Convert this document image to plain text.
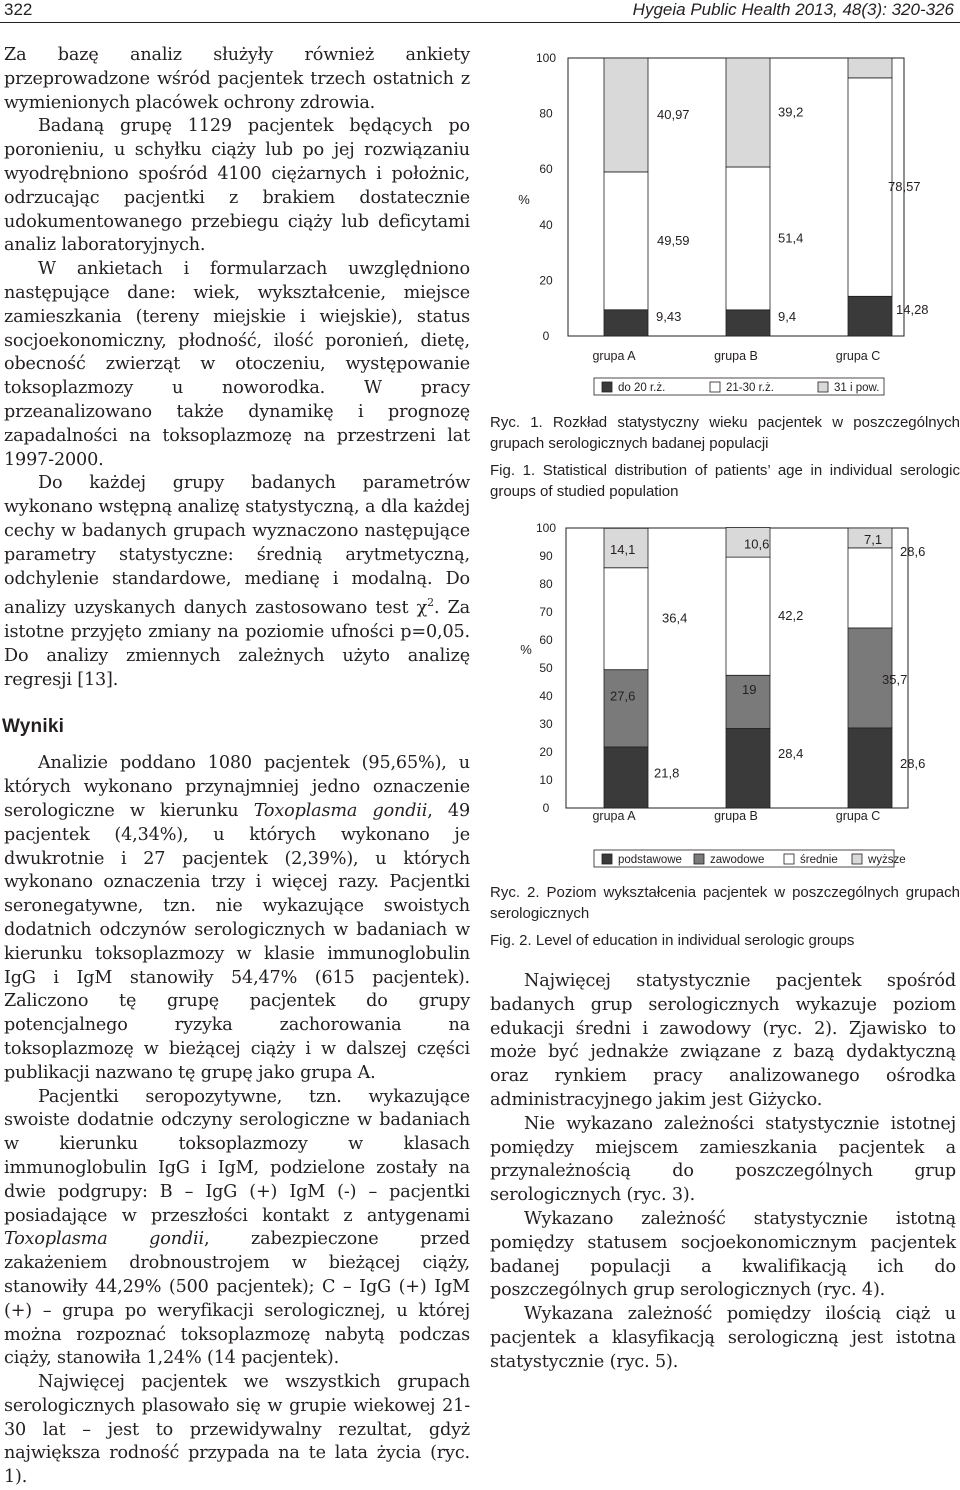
322	Hygeia Public Health 2013, 48(3): 320-326

Za bazę analiz służyły również ankiety przeprowadzone wśród pacjentek trzech ostatnich z wymienionych placówek ochrony zdrowia.

Badaną grupę 1129 pacjentek będących po poronieniu, u schyłku ciąży lub po jej rozwiązaniu wyodrębniono spośród 4100 ciężarnych i położnic, odrzucając pacjentki z brakiem dostatecznie udokumentowanego przebiegu ciąży lub deficytami analiz laboratoryjnych.

W ankietach i formularzach uwzględniono następujące dane: wiek, wykształcenie, miejsce zamieszkania (tereny miejskie i wiejskie), status socjoekonomiczny, płodność, ilość poronień, dietę, obecność zwierząt w otoczeniu, występowanie toksoplazmozy u noworodka. W pracy przeanalizowano także dynamikę i prognozę zapadalności na toksoplazmozę na przestrzeni lat 1997-2000.

Do każdej grupy badanych parametrów wykonano wstępną analizę statystyczną, a dla każdej cechy w badanych grupach wyznaczono następujące parametry statystyczne: średnią arytmetyczną, odchylenie standardowe, medianę i modalną. Do analizy uzyskanych danych zastosowano test $\chi^2$. Za istotne przyjęto zmiany na poziomie ufności p=0,05. Do analizy zmiennych zależnych użyto analizę regresji [13].

Wyniki

Analizie poddano 1080 pacjentek (95,65%), u których wykonano przynajmniej jedno oznaczenie serologiczne w kierunku Toxoplasma gondii, 49 pacjentek (4,34%), u których wykonano je dwukrotnie i 27 pacjentek (2,39%), u których wykonano oznaczenia trzy i więcej razy. Pacjentki seronegatywne, tzn. nie wykazujące swoistych dodatnich odczynów serologicznych w badaniach w kierunku toksoplazmozy w klasie immunoglobulin IgG i IgM stanowiły 54,47% (615 pacjentek). Zaliczono tę grupę pacjentek do grupy potencjalnego ryzyka zachorowania na toksoplazmozę w bieżącej ciąży i w dalszej części publikacji nazwano tę grupę jako grupa A.

Pacjentki seropozytywne, tzn. wykazujące swoiste dodatnie odczyny serologiczne w badaniach w kierunku toksoplazmozy w klasach immunoglobulin IgG i IgM, podzielone zostały na dwie podgrupy: B – IgG (+) IgM (-) – pacjentki posiadające w przeszłości kontakt z antygenami Toxoplasma gondii, zabezpieczone przed zakażeniem drobnoustrojem w bieżącej ciąży, stanowiły 44,29% (500 pacjentek); C – IgG (+) IgM (+) – grupa po weryfikacji serologicznej, u której można rozpoznać toksoplazmozę nabytą podczas ciąży, stanowiła 1,24% (14 pacjentek).

Najwięcej pacjentek we wszystkich grupach serologicznych plasowało się w grupie wiekowej 21-30 lat – jest to przewidywalny rezultat, gdyż największa rodność przypada na te lata życia (ryc. 1).

0
20
40
60
80
100
%
9,43
49,59
40,97
grupa A
9,4
51,4
39,2
grupa B
14,28
78,57
grupa C
do 20 r.ż.	21-30 r.ż.	31 i pow.
Ryc. 1. Rozkład statystyczny wieku pacjentek w poszczególnych grupach serologicznych badanej populacji
Fig. 1. Statistical distribution of patients’ age in individual serologic groups of studied population
0
10
20
30
40
50
60
70
80
90
100
%
21,8
27,6
36,4
14,1
grupa A
28,4
19
42,2
10,6
grupa B
28,6
35,7
28,6
7,1
grupa C
podstawowe zawodowe	średnie	wyższe
Ryc. 2. Poziom wykształcenia pacjentek w poszczególnych grupach serologicznych
Fig. 2. Level of education in individual serologic groups

Najwięcej statystycznie pacjentek spośród badanych grup serologicznych wykazuje poziom edukacji średni i zawodowy (ryc. 2). Zjawisko to może być jednakże związane z bazą dydaktyczną oraz rynkiem pracy analizowanego ośrodka administracyjnego jakim jest Giżycko.

Nie wykazano zależności statystycznie istotnej pomiędzy miejscem zamieszkania pacjentek a przynależnością do poszczególnych grup serologicznych (ryc. 3).

Wykazano zależność statystycznie istotną pomiędzy statusem socjoekonomicznym pacjentek badanej populacji a kwalifikacją ich do poszczególnych grup serologicznych (ryc. 4).

Wykazana zależność pomiędzy ilością ciąż u pacjentek a klasyfikacją serologiczną jest istotna statystycznie (ryc. 5).
